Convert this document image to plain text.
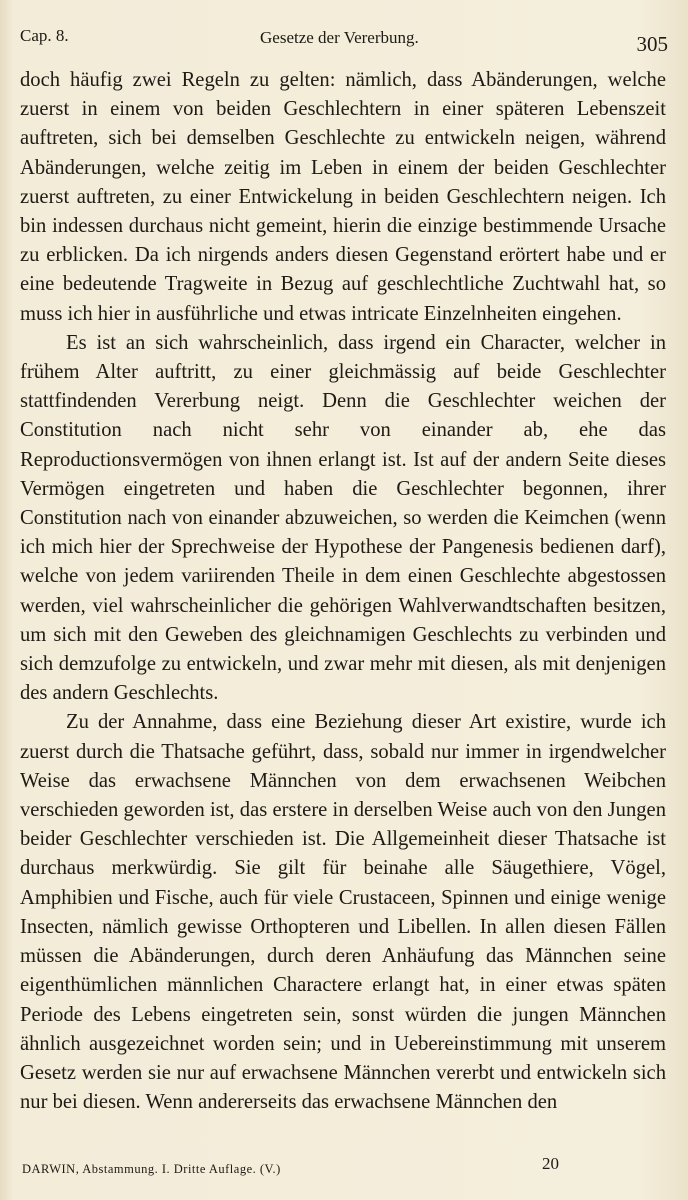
Cap. 8.	Gesetze der Vererbung.	305

doch häufig zwei Regeln zu gelten: nämlich, dass Abänderungen, welche zuerst in einem von beiden Geschlechtern in einer späteren Lebenszeit auftreten, sich bei demselben Geschlechte zu entwickeln neigen, während Abänderungen, welche zeitig im Leben in einem der beiden Geschlechter zuerst auftreten, zu einer Entwickelung in beiden Geschlechtern neigen. Ich bin indessen durchaus nicht gemeint, hierin die einzige bestimmende Ursache zu erblicken. Da ich nirgends anders diesen Gegenstand erörtert habe und er eine bedeutende Tragweite in Bezug auf geschlechtliche Zuchtwahl hat, so muss ich hier in ausführliche und etwas intricate Einzelnheiten eingehen.

Es ist an sich wahrscheinlich, dass irgend ein Character, welcher in frühem Alter auftritt, zu einer gleichmässig auf beide Geschlechter stattfindenden Vererbung neigt. Denn die Geschlechter weichen der Constitution nach nicht sehr von einander ab, ehe das Reproductionsvermögen von ihnen erlangt ist. Ist auf der andern Seite dieses Vermögen eingetreten und haben die Geschlechter begonnen, ihrer Constitution nach von einander abzuweichen, so werden die Keimchen (wenn ich mich hier der Sprechweise der Hypothese der Pangenesis bedienen darf), welche von jedem variirenden Theile in dem einen Geschlechte abgestossen werden, viel wahrscheinlicher die gehörigen Wahlverwandtschaften besitzen, um sich mit den Geweben des gleichnamigen Geschlechts zu verbinden und sich demzufolge zu entwickeln, und zwar mehr mit diesen, als mit denjenigen des andern Geschlechts.

Zu der Annahme, dass eine Beziehung dieser Art existire, wurde ich zuerst durch die Thatsache geführt, dass, sobald nur immer in irgendwelcher Weise das erwachsene Männchen von dem erwachsenen Weibchen verschieden geworden ist, das erstere in derselben Weise auch von den Jungen beider Geschlechter verschieden ist. Die Allgemeinheit dieser Thatsache ist durchaus merkwürdig. Sie gilt für beinahe alle Säugethiere, Vögel, Amphibien und Fische, auch für viele Crustaceen, Spinnen und einige wenige Insecten, nämlich gewisse Orthopteren und Libellen. In allen diesen Fällen müssen die Abänderungen, durch deren Anhäufung das Männchen seine eigenthümlichen männlichen Charactere erlangt hat, in einer etwas späten Periode des Lebens eingetreten sein, sonst würden die jungen Männchen ähnlich ausgezeichnet worden sein; und in Uebereinstimmung mit unserem Gesetz werden sie nur auf erwachsene Männchen vererbt und entwickeln sich nur bei diesen. Wenn andererseits das erwachsene Männchen den

DARWIN, Abstammung. I. Dritte Auflage. (V.)	20
